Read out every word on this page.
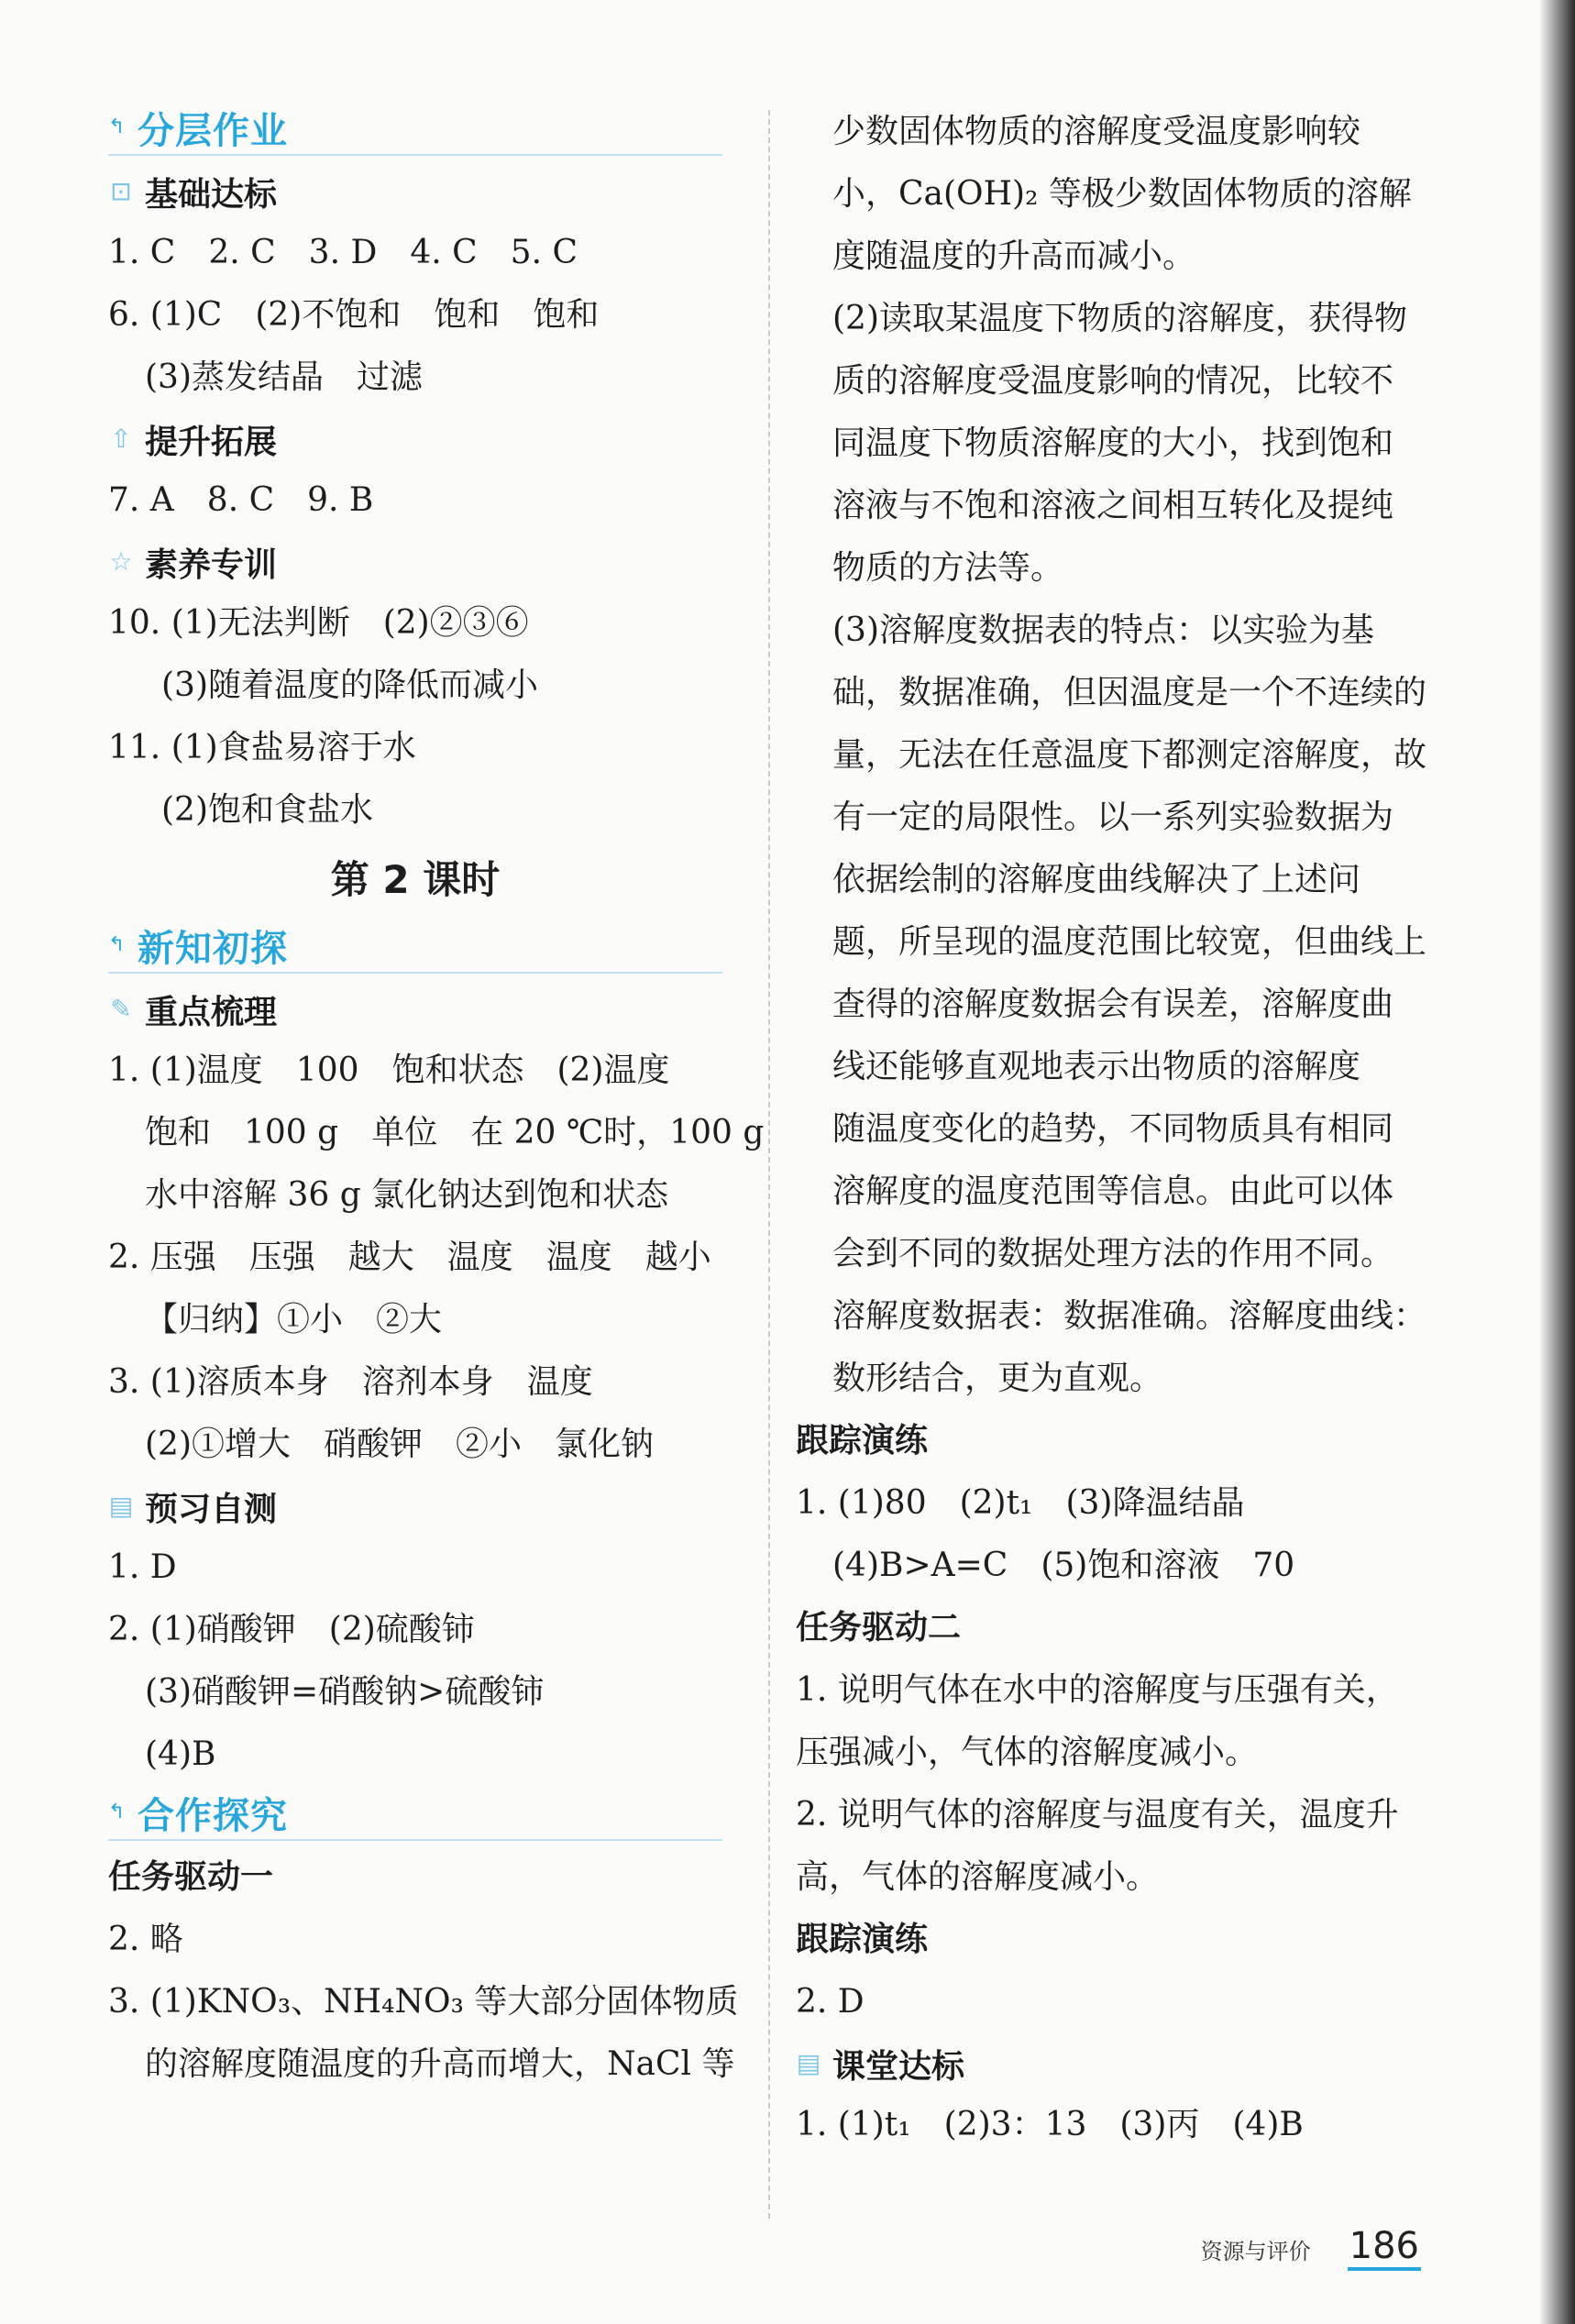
↰ 分层作业
⊡ 基础达标
1. C　2. C　3. D　4. C　5. C
6. (1)C　(2)不饱和　饱和　饱和
(3)蒸发结晶　过滤
⇧ 提升拓展
7. A　8. C　9. B
☆ 素养专训
10. (1)无法判断　(2)②③⑥
(3)随着温度的降低而减小
11. (1)食盐易溶于水
(2)饱和食盐水
第 2 课时
↰ 新知初探
✎ 重点梳理
1. (1)温度　100　饱和状态　(2)温度
饱和　100 g　单位　在 20 ℃时，100 g
水中溶解 36 g 氯化钠达到饱和状态
2. 压强　压强　越大　温度　温度　越小
【归纳】①小　②大
3. (1)溶质本身　溶剂本身　温度
(2)①增大　硝酸钾　②小　氯化钠
▤ 预习自测
1. D
2. (1)硝酸钾　(2)硫酸铈
(3)硝酸钾=硝酸钠>硫酸铈
(4)B
↰ 合作探究
任务驱动一
2. 略
3. (1)KNO₃、NH₄NO₃ 等大部分固体物质
的溶解度随温度的升高而增大，NaCl 等
少数固体物质的溶解度受温度影响较
小，Ca(OH)₂ 等极少数固体物质的溶解
度随温度的升高而减小。
(2)读取某温度下物质的溶解度，获得物
质的溶解度受温度影响的情况，比较不
同温度下物质溶解度的大小，找到饱和
溶液与不饱和溶液之间相互转化及提纯
物质的方法等。
(3)溶解度数据表的特点：以实验为基
础，数据准确，但因温度是一个不连续的
量，无法在任意温度下都测定溶解度，故
有一定的局限性。以一系列实验数据为
依据绘制的溶解度曲线解决了上述问
题，所呈现的温度范围比较宽，但曲线上
查得的溶解度数据会有误差，溶解度曲
线还能够直观地表示出物质的溶解度
随温度变化的趋势，不同物质具有相同
溶解度的温度范围等信息。由此可以体
会到不同的数据处理方法的作用不同。
溶解度数据表：数据准确。溶解度曲线：
数形结合，更为直观。
跟踪演练
1. (1)80　(2)t₁　(3)降温结晶
(4)B>A=C　(5)饱和溶液　70
任务驱动二
1. 说明气体在水中的溶解度与压强有关，
压强减小，气体的溶解度减小。
2. 说明气体的溶解度与温度有关，温度升
高，气体的溶解度减小。
跟踪演练
2. D
▤ 课堂达标
1. (1)t₁　(2)3：13　(3)丙　(4)B
资源与评价 186
